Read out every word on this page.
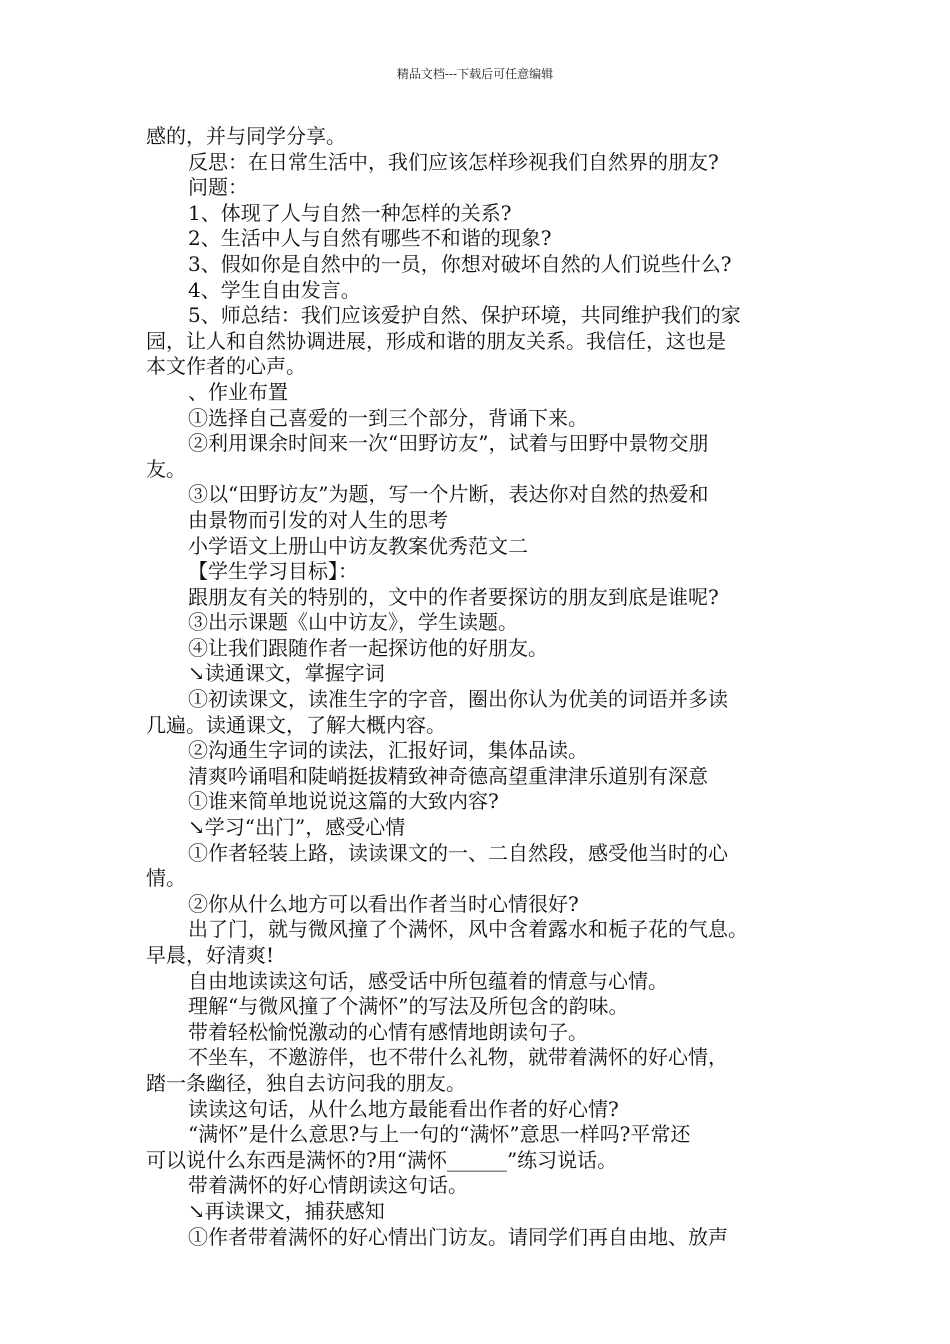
精品文档---下载后可任意编辑
感的，并与同学分享。
反思：在日常生活中，我们应该怎样珍视我们自然界的朋友?
问题：
1、体现了人与自然一种怎样的关系?
2、生活中人与自然有哪些不和谐的现象?
3、假如你是自然中的一员，你想对破坏自然的人们说些什么?
4、学生自由发言。
5、师总结：我们应该爱护自然、保护环境，共同维护我们的家
园，让人和自然协调进展，形成和谐的朋友关系。我信任，这也是
本文作者的心声。
、作业布置
①选择自己喜爱的一到三个部分，背诵下来。
②利用课余时间来一次“田野访友”，试着与田野中景物交朋
友。
③以“田野访友”为题，写一个片断，表达你对自然的热爱和
由景物而引发的对人生的思考
小学语文上册山中访友教案优秀范文二
【学生学习目标】：
跟朋友有关的特别的，文中的作者要探访的朋友到底是谁呢?
③出示课题《山中访友》，学生读题。
④让我们跟随作者一起探访他的好朋友。
↘读通课文，掌握字词
①初读课文，读准生字的字音，圈出你认为优美的词语并多读
几遍。读通课文，了解大概内容。
②沟通生字词的读法，汇报好词，集体品读。
清爽吟诵唱和陡峭挺拔精致神奇德高望重津津乐道别有深意
①谁来简单地说说这篇的大致内容?
↘学习“出门”，感受心情
①作者轻装上路，读读课文的一、二自然段，感受他当时的心
情。
②你从什么地方可以看出作者当时心情很好?
出了门，就与微风撞了个满怀，风中含着露水和栀子花的气息。
早晨，好清爽!
自由地读读这句话，感受话中所包蕴着的情意与心情。
理解“与微风撞了个满怀”的写法及所包含的韵味。
带着轻松愉悦激动的心情有感情地朗读句子。
不坐车，不邀游伴，也不带什么礼物，就带着满怀的好心情，
踏一条幽径，独自去访问我的朋友。
读读这句话，从什么地方最能看出作者的好心情?
“满怀”是什么意思?与上一句的“满怀”意思一样吗?平常还
可以说什么东西是满怀的?用“满怀______”练习说话。
带着满怀的好心情朗读这句话。
↘再读课文，捕获感知
①作者带着满怀的好心情出门访友。请同学们再自由地、放声
